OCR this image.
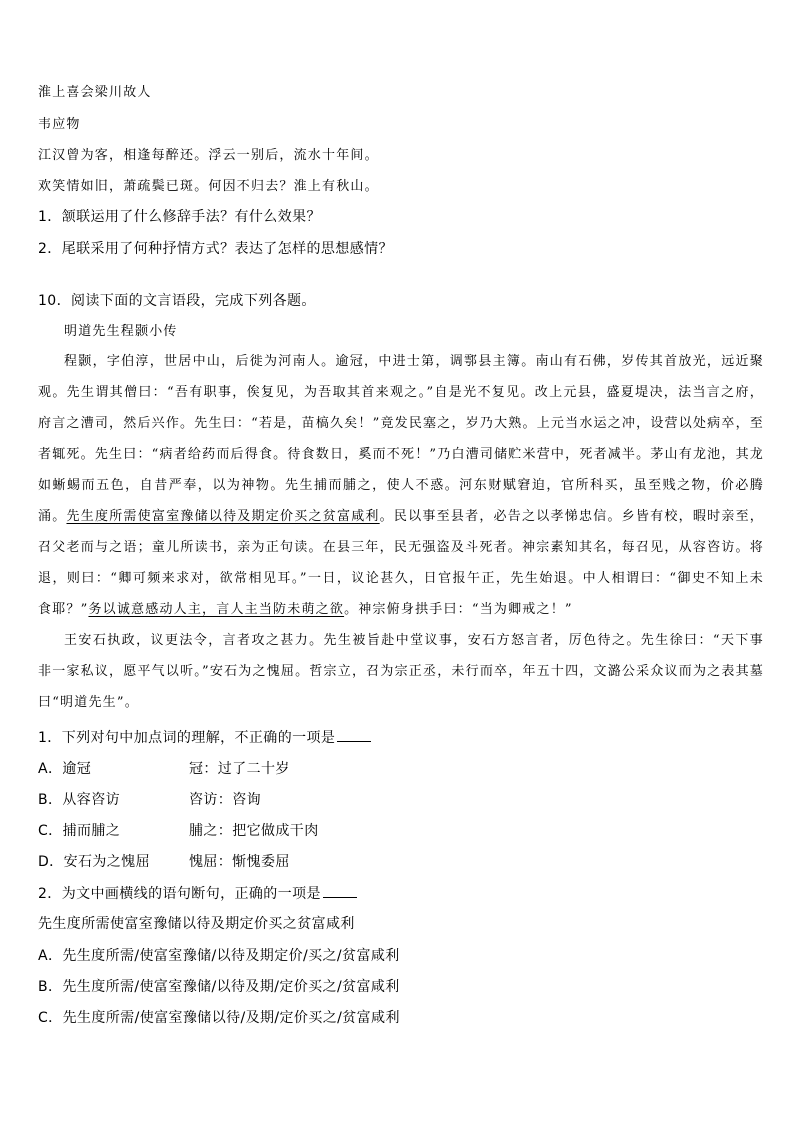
淮上喜会梁川故人
韦应物
江汉曾为客，相逢每醉还。浮云一别后，流水十年间。
欢笑情如旧，萧疏鬓已斑。何因不归去？淮上有秋山。
1．颔联运用了什么修辞手法？有什么效果？
2．尾联采用了何种抒情方式？表达了怎样的思想感情？
10．阅读下面的文言语段，完成下列各题。
明道先生程颢小传
程颢，字伯淳，世居中山，后徙为河南人。逾冠，中进士第，调鄠县主簿。南山有石佛，岁传其首放光，远近聚观。先生谓其僧曰：“吾有职事，俟复见，为吾取其首来观之。”自是光不复见。改上元县，盛夏堤决，法当言之府，府言之漕司，然后兴作。先生曰：“若是，苗槁久矣！”竟发民塞之，岁乃大熟。上元当水运之冲，设营以处病卒，至者辄死。先生曰：“病者给药而后得食。待食数日，奚而不死！”乃白漕司储贮米营中，死者减半。茅山有龙池，其龙如蜥蜴而五色，自昔严奉，以为神物。先生捕而脯之，使人不惑。河东财赋窘迫，官所科买，虽至贱之物，价必腾涌。先生度所需使富室豫储以待及期定价买之贫富咸利。民以事至县者，必告之以孝悌忠信。乡皆有校，暇时亲至，召父老而与之语；童儿所读书，亲为正句读。在县三年，民无强盗及斗死者。神宗素知其名，每召见，从容咨访。将退，则曰：“卿可频来求对，欲常相见耳。”一日，议论甚久，日官报午正，先生始退。中人相谓曰：“御史不知上未食耶？”务以诚意感动人主，言人主当防未萌之欲。神宗俯身拱手曰：“当为卿戒之！”
王安石执政，议更法令，言者攻之甚力。先生被旨赴中堂议事，安石方怒言者，厉色待之。先生徐曰：“天下事非一家私议，愿平气以听。”安石为之愧屈。哲宗立，召为宗正丞，未行而卒，年五十四，文潞公采众议而为之表其墓曰“明道先生”。
1．下列对句中加点词的理解，不正确的一项是
A．逾冠	冠：过了二十岁
B．从容咨访	咨访：咨询
C．捕而脯之	脯之：把它做成干肉
D．安石为之愧屈	愧屈：惭愧委屈
2．为文中画横线的语句断句，正确的一项是
先生度所需使富室豫储以待及期定价买之贫富咸利
A．先生度所需/使富室豫储/以待及期定价/买之/贫富咸利
B．先生度所需/使富室豫储/以待及期/定价买之/贫富咸利
C．先生度所需/使富室豫储以待/及期/定价买之/贫富咸利
